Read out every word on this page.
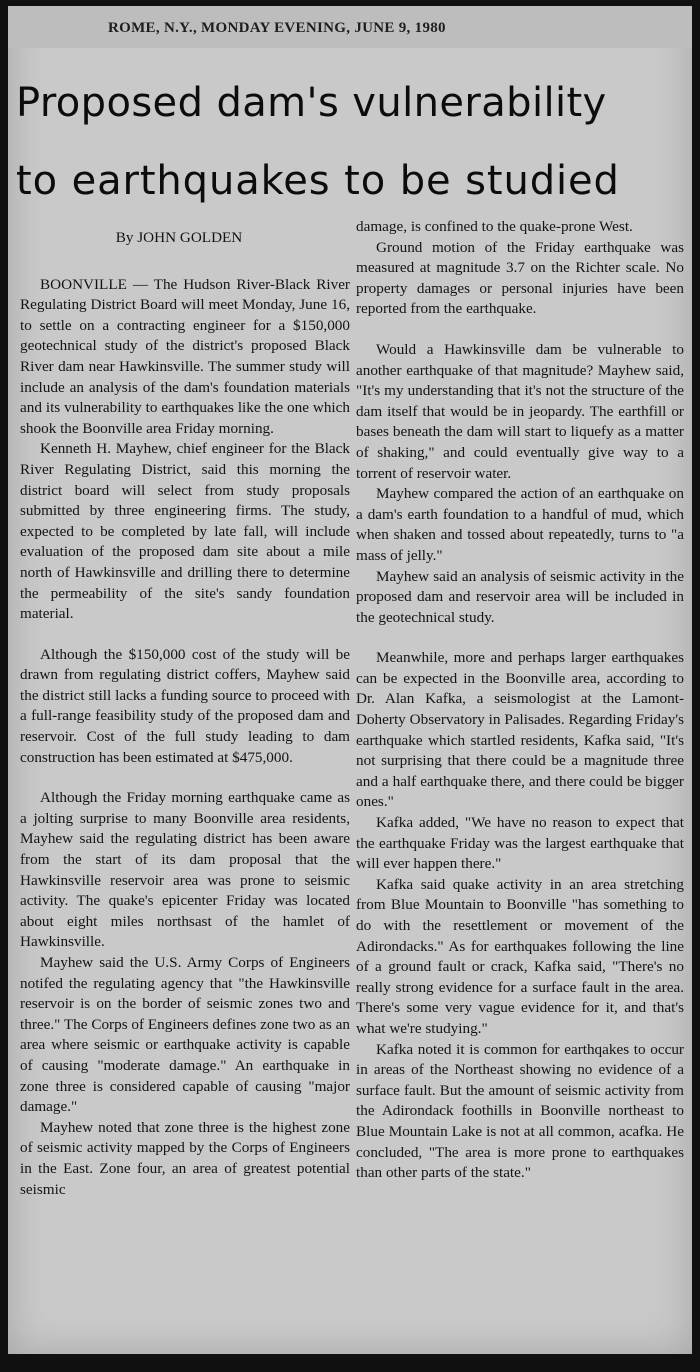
ROME, N.Y., MONDAY EVENING, JUNE 9, 1980
Proposed dam's vulnerability
to earthquakes to be studied
By JOHN GOLDEN

BOONVILLE — The Hudson River-Black River Regulating District Board will meet Monday, June 16, to settle on a contracting engineer for a $150,000 geotechnical study of the district's proposed Black River dam near Hawkinsville. The summer study will include an analysis of the dam's foundation materials and its vulnerability to earthquakes like the one which shook the Boonville area Friday morning.

Kenneth H. Mayhew, chief engineer for the Black River Regulating District, said this morning the district board will select from study proposals submitted by three engineering firms. The study, expected to be completed by late fall, will include evaluation of the proposed dam site about a mile north of Hawkinsville and drilling there to determine the permeability of the site's sandy foundation material.

Although the $150,000 cost of the study will be drawn from regulating district coffers, Mayhew said the district still lacks a funding source to proceed with a full-range feasibility study of the proposed dam and reservoir. Cost of the full study leading to dam construction has been estimated at $475,000.

Although the Friday morning earthquake came as a jolting surprise to many Boonville area residents, Mayhew said the regulating district has been aware from the start of its dam proposal that the Hawkinsville reservoir area was prone to seismic activity. The quake's epicenter Friday was located about eight miles northsast of the hamlet of Hawkinsville.

Mayhew said the U.S. Army Corps of Engineers notifed the regulating agency that "the Hawkinsville reservoir is on the border of seismic zones two and three." The Corps of Engineers defines zone two as an area where seismic or earthquake activity is capable of causing "moderate damage." An earthquake in zone three is considered capable of causing "major damage."

Mayhew noted that zone three is the highest zone of seismic activity mapped by the Corps of Engineers in the East. Zone four, an area of greatest potential seismic

damage, is confined to the quake-prone West.

Ground motion of the Friday earthquake was measured at magnitude 3.7 on the Richter scale. No property damages or personal injuries have been reported from the earthquake.

Would a Hawkinsville dam be vulnerable to another earthquake of that magnitude? Mayhew said, "It's my understanding that it's not the structure of the dam itself that would be in jeopardy. The earthfill or bases beneath the dam will start to liquefy as a matter of shaking," and could eventually give way to a torrent of reservoir water.

Mayhew compared the action of an earthquake on a dam's earth foundation to a handful of mud, which when shaken and tossed about repeatedly, turns to "a mass of jelly."

Mayhew said an analysis of seismic activity in the proposed dam and reservoir area will be included in the geotechnical study.

Meanwhile, more and perhaps larger earthquakes can be expected in the Boonville area, according to Dr. Alan Kafka, a seismologist at the Lamont-Doherty Observatory in Palisades. Regarding Friday's earthquake which startled residents, Kafka said, "It's not surprising that there could be a magnitude three and a half earthquake there, and there could be bigger ones."

Kafka added, "We have no reason to expect that the earthquake Friday was the largest earthquake that will ever happen there."

Kafka said quake activity in an area stretching from Blue Mountain to Boonville "has something to do with the resettlement or movement of the Adirondacks." As for earthquakes following the line of a ground fault or crack, Kafka said, "There's no really strong evidence for a surface fault in the area. There's some very vague evidence for it, and that's what we're studying."

Kafka noted it is common for earthqakes to occur in areas of the Northeast showing no evidence of a surface fault. But the amount of seismic activity from the Adirondack foothills in Boonville northeast to Blue Mountain Lake is not at all common, acafka. He concluded, "The area is more prone to earthquakes than other parts of the state."
